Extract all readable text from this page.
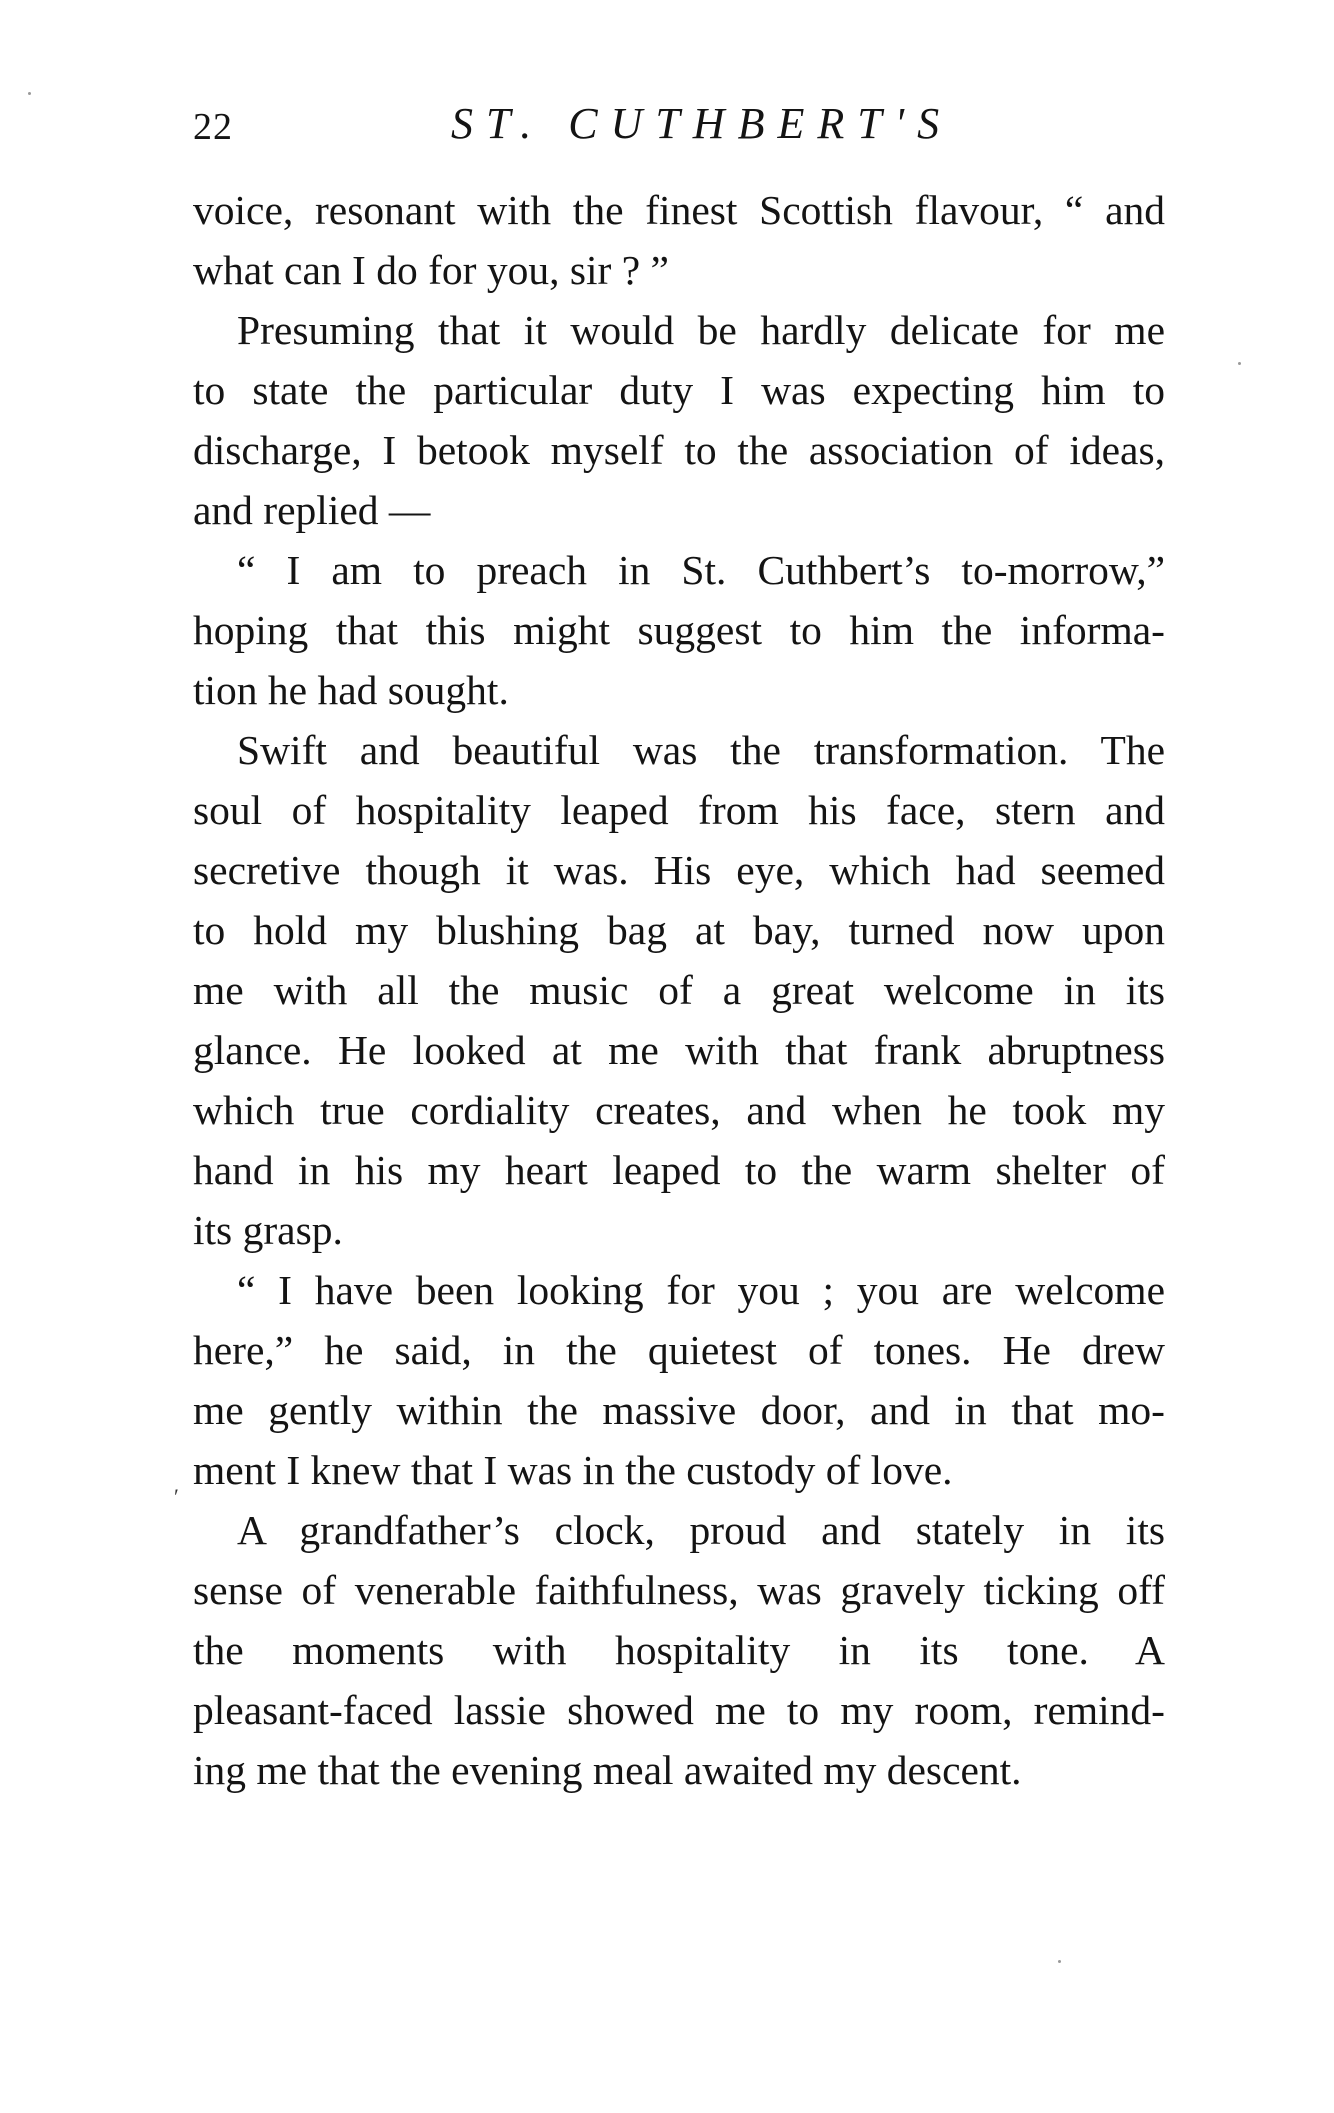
22	ST. CUTHBERT'S
voice, resonant with the finest Scottish flavour, “ and
what can I do for you, sir ? ”
Presuming that it would be hardly delicate for me
to state the particular duty I was expecting him to
discharge, I betook myself to the association of ideas,
and replied —
“ I am to preach in St. Cuthbert’s to-morrow,”
hoping that this might suggest to him the informa-
tion he had sought.
Swift and beautiful was the transformation. The
soul of hospitality leaped from his face, stern and
secretive though it was. His eye, which had seemed
to hold my blushing bag at bay, turned now upon
me with all the music of a great welcome in its
glance. He looked at me with that frank abruptness
which true cordiality creates, and when he took my
hand in his my heart leaped to the warm shelter of
its grasp.
“ I have been looking for you ; you are welcome
here,” he said, in the quietest of tones. He drew
me gently within the massive door, and in that mo-
ment I knew that I was in the custody of love.
A grandfather’s clock, proud and stately in its
sense of venerable faithfulness, was gravely ticking off
the moments with hospitality in its tone. A
pleasant-faced lassie showed me to my room, remind-
ing me that the evening meal awaited my descent.
′
